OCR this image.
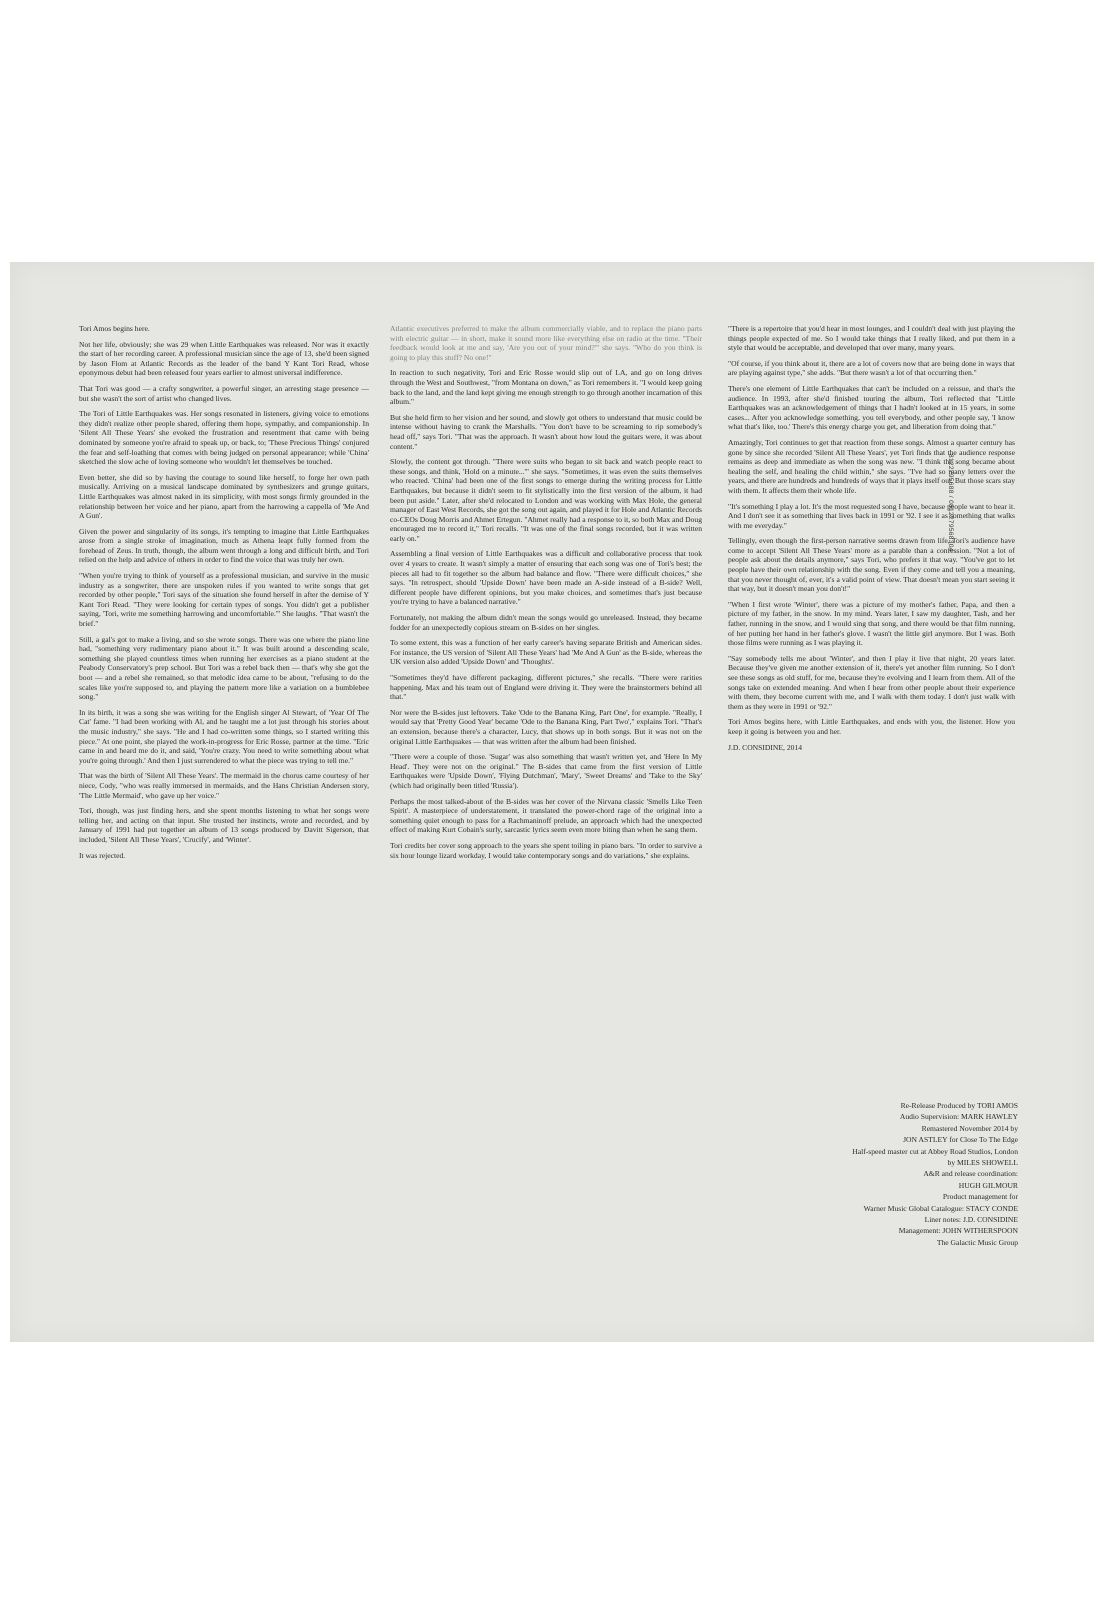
Tori Amos begins here.

Not her life, obviously; she was 29 when Little Earthquakes was released. Nor was it exactly the start of her recording career. A professional musician since the age of 13, she'd been signed by Jason Flom at Atlantic Records as the leader of the band Y Kant Tori Read, whose eponymous debut had been released four years earlier to almost universal indifference.

That Tori was good — a crafty songwriter, a powerful singer, an arresting stage presence — but she wasn't the sort of artist who changed lives.

The Tori of Little Earthquakes was. Her songs resonated in listeners, giving voice to emotions they didn't realize other people shared, offering them hope, sympathy, and companionship. In 'Silent All These Years' she evoked the frustration and resentment that came with being dominated by someone you're afraid to speak up, or back, to; 'These Precious Things' conjured the fear and self-loathing that comes with being judged on personal appearance; while 'China' sketched the slow ache of loving someone who wouldn't let themselves be touched.

Even better, she did so by having the courage to sound like herself, to forge her own path musically. Arriving on a musical landscape dominated by synthesizers and grunge guitars, Little Earthquakes was almost naked in its simplicity, with most songs firmly grounded in the relationship between her voice and her piano, apart from the harrowing a cappella of 'Me And A Gun'.

Given the power and singularity of its songs, it's tempting to imagine that Little Earthquakes arose from a single stroke of imagination, much as Athena leapt fully formed from the forehead of Zeus. In truth, though, the album went through a long and difficult birth, and Tori relied on the help and advice of others in order to find the voice that was truly her own.

"When you're trying to think of yourself as a professional musician, and survive in the music industry as a songwriter, there are unspoken rules if you wanted to write songs that get recorded by other people," Tori says of the situation she found herself in after the demise of Y Kant Tori Read. "They were looking for certain types of songs. You didn't get a publisher saying, 'Tori, write me something harrowing and uncomfortable.'" She laughs. "That wasn't the brief."

Still, a gal's got to make a living, and so she wrote songs. There was one where the piano line had, "something very rudimentary piano about it." It was built around a descending scale, something she played countless times when running her exercises as a piano student at the Peabody Conservatory's prep school. But Tori was a rebel back then — that's why she got the boot — and a rebel she remained, so that melodic idea came to be about, "refusing to do the scales like you're supposed to, and playing the pattern more like a variation on a bumblebee song."

In its birth, it was a song she was writing for the English singer Al Stewart, of 'Year Of The Cat' fame. "I had been working with Al, and he taught me a lot just through his stories about the music industry," she says. "He and I had co-written some things, so I started writing this piece." At one point, she played the work-in-progress for Eric Rosse, partner at the time. "Eric came in and heard me do it, and said, 'You're crazy. You need to write something about what you're going through.' And then I just surrendered to what the piece was trying to tell me."

That was the birth of 'Silent All These Years'. The mermaid in the chorus came courtesy of her niece, Cody, "who was really immersed in mermaids, and the Hans Christian Andersen story, 'The Little Mermaid', who gave up her voice."

Tori, though, was just finding hers, and she spent months listening to what her songs were telling her, and acting on that input. She trusted her instincts, wrote and recorded, and by January of 1991 had put together an album of 13 songs produced by Davitt Sigerson, that included, 'Silent All These Years', 'Crucify', and 'Winter'.

It was rejected.

Atlantic executives preferred to make the album commercially viable, and to replace the piano parts with electric guitar — in short, make it sound more like everything else on radio at the time. "Their feedback would look at me and say, 'Are you out of your mind?'" she says. "Who do you think is going to play this stuff? No one!"

In reaction to such negativity, Tori and Eric Rosse would slip out of LA, and go on long drives through the West and Southwest, "from Montana on down," as Tori remembers it. "I would keep going back to the land, and the land kept giving me enough strength to go through another incarnation of this album."

But she held firm to her vision and her sound, and slowly got others to understand that music could be intense without having to crank the Marshalls. "You don't have to be screaming to rip somebody's head off," says Tori. "That was the approach. It wasn't about how loud the guitars were, it was about content."

Slowly, the content got through. "There were suits who began to sit back and watch people react to these songs, and think, 'Hold on a minute...'" she says. "Sometimes, it was even the suits themselves who reacted. 'China' had been one of the first songs to emerge during the writing process for Little Earthquakes, but because it didn't seem to fit stylistically into the first version of the album, it had been put aside." Later, after she'd relocated to London and was working with Max Hole, the general manager of East West Records, she got the song out again, and played it for Hole and Atlantic Records co-CEOs Doug Morris and Ahmet Ertegun. "Ahmet really had a response to it, so both Max and Doug encouraged me to record it," Tori recalls. "It was one of the final songs recorded, but it was written early on."

Assembling a final version of Little Earthquakes was a difficult and collaborative process that took over 4 years to create. It wasn't simply a matter of ensuring that each song was one of Tori's best; the pieces all had to fit together so the album had balance and flow. "There were difficult choices," she says. "In retrospect, should 'Upside Down' have been made an A-side instead of a B-side? Well, different people have different opinions, but you make choices, and sometimes that's just because you're trying to have a balanced narrative."

Fortunately, not making the album didn't mean the songs would go unreleased. Instead, they became fodder for an unexpectedly copious stream on B-sides on her singles.

To some extent, this was a function of her early career's having separate British and American sides. For instance, the US version of 'Silent All These Years' had 'Me And A Gun' as the B-side, whereas the UK version also added 'Upside Down' and 'Thoughts'.

"Sometimes they'd have different packaging, different pictures," she recalls. "There were rarities happening. Max and his team out of England were driving it. They were the brainstormers behind all that."

Nor were the B-sides just leftovers. Take 'Ode to the Banana King, Part One', for example. "Really, I would say that 'Pretty Good Year' became 'Ode to the Banana King, Part Two'," explains Tori. "That's an extension, because there's a character, Lucy, that shows up in both songs. But it was not on the original Little Earthquakes — that was written after the album had been finished.

"There were a couple of those. 'Sugar' was also something that wasn't written yet, and 'Here In My Head'. They were not on the original." The B-sides that came from the first version of Little Earthquakes were 'Upside Down', 'Flying Dutchman', 'Mary', 'Sweet Dreams' and 'Take to the Sky' (which had originally been titled 'Russia').

Perhaps the most talked-about of the B-sides was her cover of the Nirvana classic 'Smells Like Teen Spirit'. A masterpiece of understatement, it translated the power-chord rage of the original into a something quiet enough to pass for a Rachmaninoff prelude, an approach which had the unexpected effect of making Kurt Cobain's surly, sarcastic lyrics seem even more biting than when he sang them.

Tori credits her cover song approach to the years she spent toiling in piano bars. "In order to survive a six hour lounge lizard workday, I would take contemporary songs and do variations," she explains.

"There is a repertoire that you'd hear in most lounges, and I couldn't deal with just playing the things people expected of me. So I would take things that I really liked, and put them in a style that would be acceptable, and developed that over many, many years.

"Of course, if you think about it, there are a lot of covers now that are being done in ways that are playing against type," she adds. "But there wasn't a lot of that occurring then."

There's one element of Little Earthquakes that can't be included on a reissue, and that's the audience. In 1993, after she'd finished touring the album, Tori reflected that "Little Earthquakes was an acknowledgement of things that I hadn't looked at in 15 years, in some cases... After you acknowledge something, you tell everybody, and other people say, 'I know what that's like, too.' There's this energy charge you get, and liberation from doing that."

Amazingly, Tori continues to get that reaction from these songs. Almost a quarter century has gone by since she recorded 'Silent All These Years', yet Tori finds that the audience response remains as deep and immediate as when the song was new. "I think the song became about healing the self, and healing the child within," she says. "I've had so many letters over the years, and there are hundreds and hundreds of ways that it plays itself out. But those scars stay with them. It affects them their whole life.

"It's something I play a lot. It's the most requested song I have, because people want to hear it. And I don't see it as something that lives back in 1991 or '92. I see it as something that walks with me everyday."

Tellingly, even though the first-person narrative seems drawn from life, Tori's audience have come to accept 'Silent All These Years' more as a parable than a confession. "Not a lot of people ask about the details anymore," says Tori, who prefers it that way. "You've got to let people have their own relationship with the song. Even if they come and tell you a meaning, that you never thought of, ever, it's a valid point of view. That doesn't mean you start seeing it that way, but it doesn't mean you don't!"

"When I first wrote 'Winter', there was a picture of my mother's father, Papa, and then a picture of my father, in the snow. In my mind. Years later, I saw my daughter, Tash, and her father, running in the snow, and I would sing that song, and there would be that film running, of her putting her hand in her father's glove. I wasn't the little girl anymore. But I was. Both those films were running as I was playing it.

"Say somebody tells me about 'Winter', and then I play it live that night, 20 years later. Because they've given me another extension of it, there's yet another film running. So I don't see these songs as old stuff, for me, because they're evolving and I learn from them. All of the songs take on extended meaning. And when I hear from other people about their experience with them, they become current with me, and I walk with them today. I don't just walk with them as they were in 1991 or '92."

Tori Amos begins here, with Little Earthquakes, and ends with you, the listener. How you keep it going is between you and her.

J.D. CONSIDINE, 2014

Re-Release Produced by TORI AMOS
Audio Supervision: MARK HAWLEY
Remastered November 2014 by
JON ASTLEY for Close To The Edge
Half-speed master cut at Abbey Road Studios, London
by MILES SHOWELL
A&R and release coordination:
HUGH GILMOUR
Product management for
Warner Music Global Catalogue: STACY CONDE
Liner notes: J.D. CONSIDINE
Management: JOHN WITHERSPOON
The Galactic Music Group
8122795688 / 0812279568304
